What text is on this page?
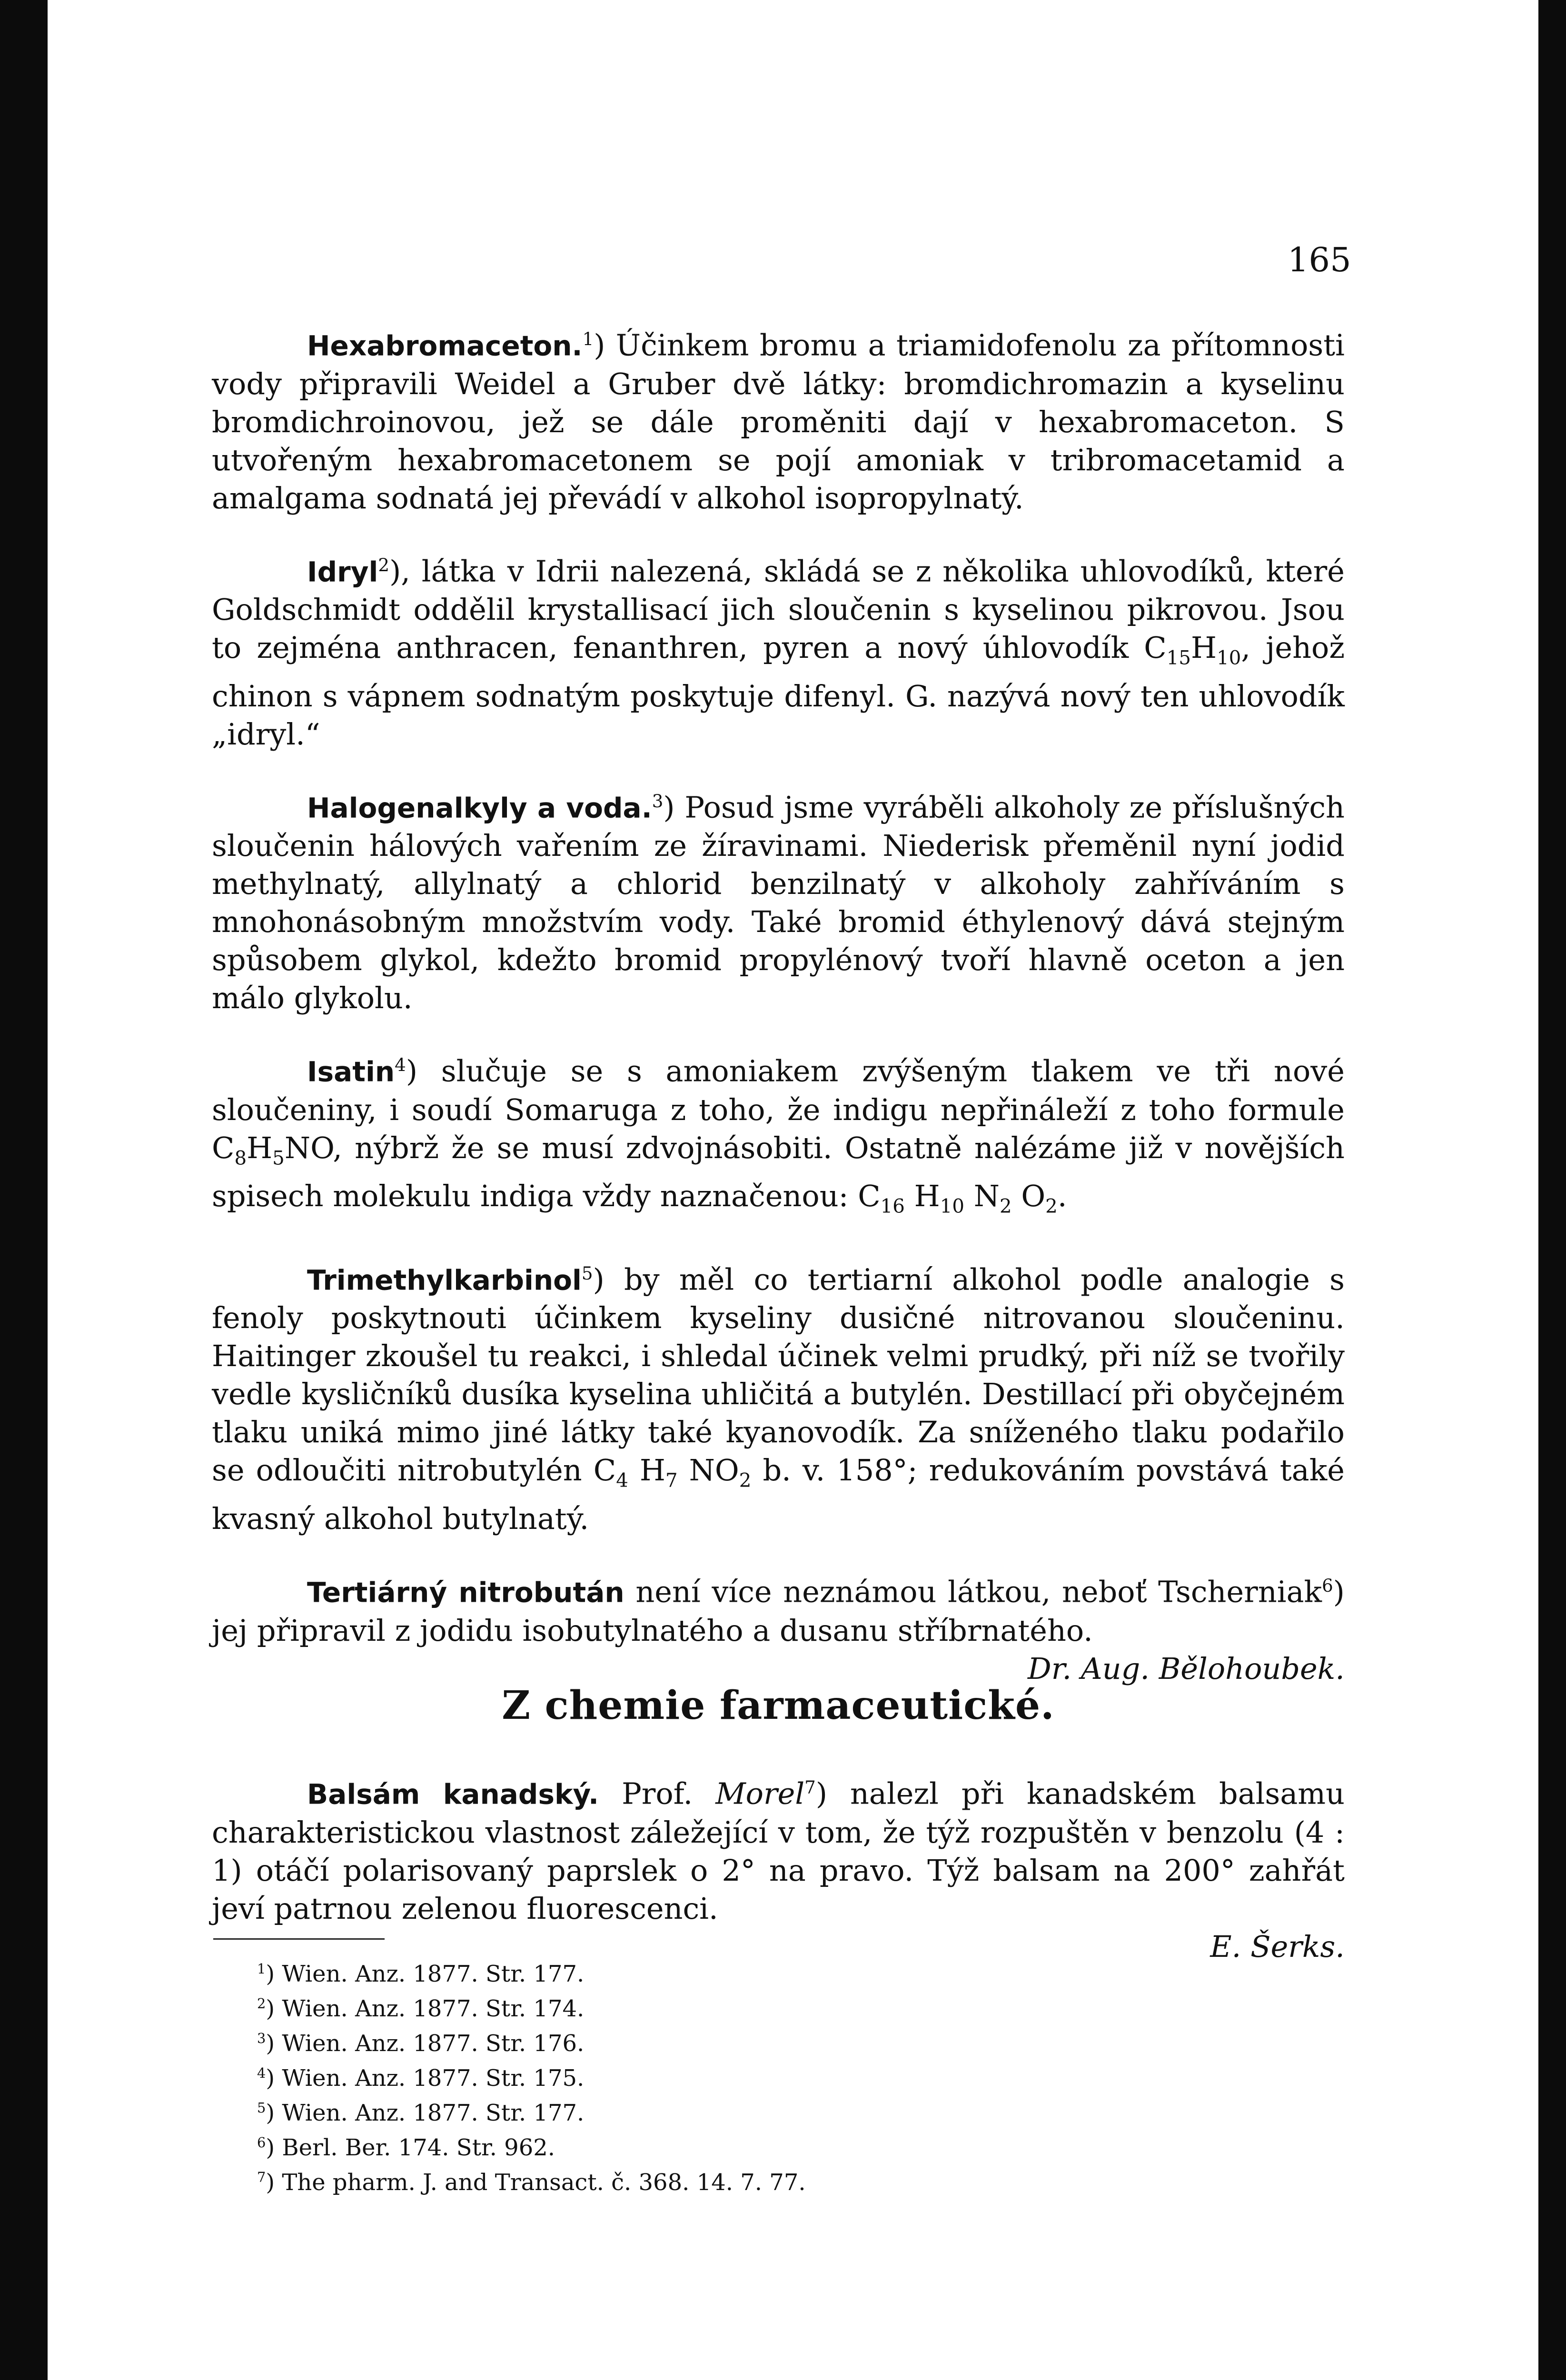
165

Hexabromaceton.$^1$) Účinkem bromu a triamidofenolu za přítomnosti vody připravili Weidel a Gruber dvě látky: bromdichromazin a kyselinu bromdichroinovou, jež se dále proměniti dají v hexabromaceton. S utvořeným hexabromacetonem se pojí amoniak v tribromacetamid a amalgama sodnatá jej převádí v alkohol isopropylnatý.

Idryl$^2$), látka v Idrii nalezená, skládá se z několika uhlovodíků, které Goldschmidt oddělil krystallisací jich sloučenin s kyselinou pikrovou. Jsou to zejména anthracen, fenanthren, pyren a nový úhlovodík $C_{15}H_{10}$, jehož chinon s vápnem sodnatým poskytuje difenyl. G. nazývá nový ten uhlovodík „idryl.“

Halogenalkyly a voda.$^3$) Posud jsme vyráběli alkoholy ze příslušných sloučenin hálových vařením ze žíravinami. Niederisk přeměnil nyní jodid methylnatý, allylnatý a chlorid benzilnatý v alkoholy zahříváním s mnohonásobným množstvím vody. Také bromid éthylenový dává stejným spůsobem glykol, kdežto bromid propylénový tvoří hlavně oceton a jen málo glykolu.

Isatin$^4$) slučuje se s amoniakem zvýšeným tlakem ve tři nové sloučeniny, i soudí Somaruga z toho, že indigu nepřináleží z toho formule $C_8H_5NO$, nýbrž že se musí zdvojnásobiti. Ostatně nalézáme již v novějších spisech molekulu indiga vždy naznačenou: $C_{16}$ $H_{10}$ $N_2$ $O_2$.

Trimethylkarbinol$^5$) by měl co tertiarní alkohol podle analogie s fenoly poskytnouti účinkem kyseliny dusičné nitrovanou sloučeninu. Haitinger zkoušel tu reakci, i shledal účinek velmi prudký, při níž se tvořily vedle kysličníků dusíka kyselina uhličitá a butylén. Destillací při obyčejném tlaku uniká mimo jiné látky také kyanovodík. Za sníženého tlaku podařilo se odloučiti nitrobutylén $C_4$ $H_7$ $NO_2$ b. v. 158°; redukováním povstává také kvasný alkohol butylnatý.

Tertiárný nitrobután není více neznámou látkou, neboť Tscherniak$^6$) jej připravil z jodidu isobutylnatého a dusanu stříbrnatého.

Dr. Aug. Bělohoubek.

Z chemie farmaceutické.

Balsám kanadský. Prof. Morel$^7$) nalezl při kanadském balsamu charakteristickou vlastnost záležející v tom, že týž rozpuštěn v benzolu (4 : 1) otáčí polarisovaný paprslek o 2° na pravo. Týž balsam na 200° zahřát jeví patrnou zelenou fluorescenci.

E. Šerks.

$^1$) Wien. Anz. 1877. Str. 177.
$^2$) Wien. Anz. 1877. Str. 174.
$^3$) Wien. Anz. 1877. Str. 176.
$^4$) Wien. Anz. 1877. Str. 175.
$^5$) Wien. Anz. 1877. Str. 177.
$^6$) Berl. Ber. 174. Str. 962.
$^7$) The pharm. J. and Transact. č. 368. 14. 7. 77.
